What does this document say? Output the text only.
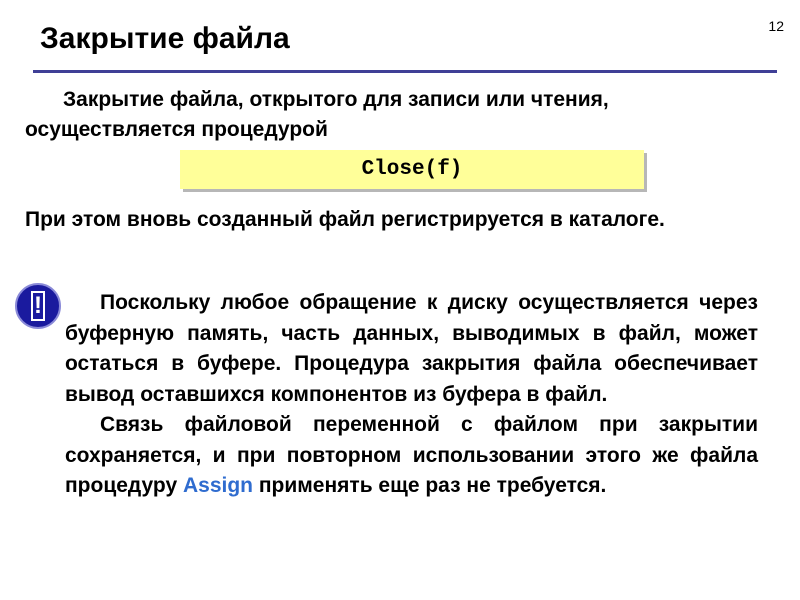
12
Закрытие файла

Закрытие файла, открытого для записи или чтения, осуществляется процедурой

Close(f)

При этом вновь созданный файл регистрируется в каталоге.

!	Поскольку любое обращение к диску осуществляется через буферную память, часть данных, выводимых в файл, может остаться в буфере. Процедура закрытия файла обеспечивает вывод оставшихся компонентов из буфера в файл.

Связь файловой переменной с файлом при закрытии сохраняется, и при повторном использовании этого же файла процедуру Assign применять еще раз не требуется.
